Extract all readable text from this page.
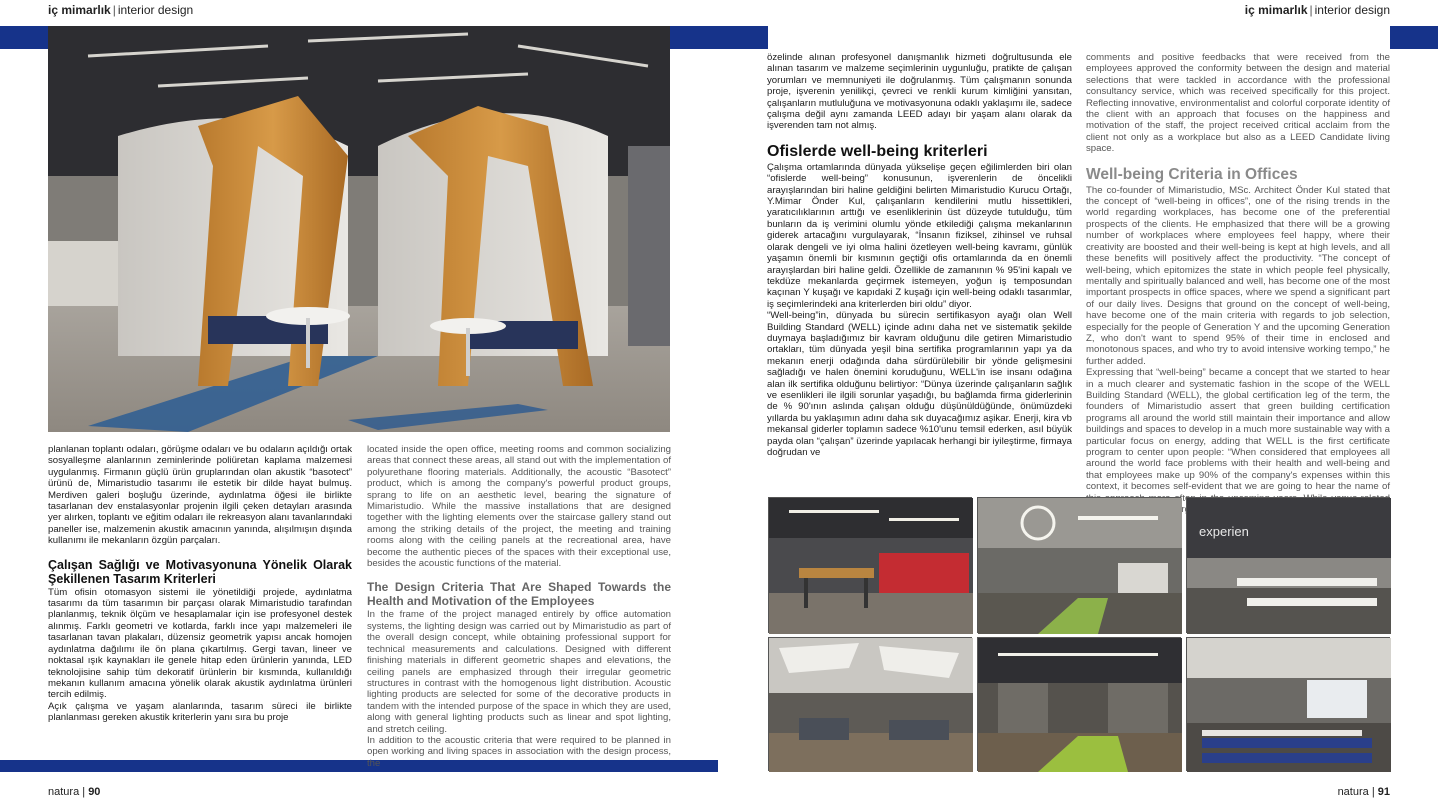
iç mimarlık | interior design	iç mimarlık | interior design

planlanan toplantı odaları, görüşme odaları ve bu odaların açıldığı ortak sosyalleşme alanlarının zeminlerinde poliüretan kaplama malzemesi uygulanmış. Firmanın güçlü ürün gruplarından olan akustik “basotect” ürünü de, Mimaristudio tasarımı ile estetik bir dilde hayat bulmuş. Merdiven galeri boşluğu üzerinde, aydınlatma öğesi ile birlikte tasarlanan dev enstalasyonlar projenin ilgili çeken detayları arasında yer alırken, toplantı ve eğitim odaları ile rekreasyon alanı tavanlarındaki paneller ise, malzemenin akustik amacının yanında, alışılmışın dışında kullanımı ile mekanların özgün parçaları.

Çalışan Sağlığı ve Motivasyonuna Yönelik Olarak Şekillenen Tasarım Kriterleri

Tüm ofisin otomasyon sistemi ile yönetildiği projede, aydınlatma tasarımı da tüm tasarımın bir parçası olarak Mimaristudio tarafından planlanmış, teknik ölçüm ve hesaplamalar için ise profesyonel destek alınmış. Farklı geometri ve kotlarda, farklı ince yapı malzemeleri ile tasarlanan tavan plakaları, düzensiz geometrik yapısı ancak homojen aydınlatma dağılımı ile ön plana çıkartılmış. Gergi tavan, lineer ve noktasal ışık kaynakları ile genele hitap eden ürünlerin yanında, LED teknolojisine sahip tüm dekoratif ürünlerin bir kısmında, kullanıldığı mekanın kullanım amacına yönelik olarak akustik aydınlatma ürünleri tercih edilmiş.

Açık çalışma ve yaşam alanlarında, tasarım süreci ile birlikte planlanması gereken akustik kriterlerin yanı sıra bu proje

located inside the open office, meeting rooms and common socializing areas that connect these areas, all stand out with the implementation of polyurethane flooring materials. Additionally, the acoustic “Basotect” product, which is among the company's powerful product groups, sprang to life on an aesthetic level, bearing the signature of Mimaristudio. While the massive installations that are designed together with the lighting elements over the staircase gallery stand out among the striking details of the project, the meeting and training rooms along with the ceiling panels at the recreational area, have become the authentic pieces of the spaces with their exceptional use, besides the acoustic functions of the material.

The Design Criteria That Are Shaped Towards the Health and Motivation of the Employees

In the frame of the project managed entirely by office automation systems, the lighting design was carried out by Mimaristudio as part of the overall design concept, while obtaining professional support for technical measurements and calculations. Designed with different finishing materials in different geometric shapes and elevations, the ceiling panels are emphasized through their irregular geometric structures in contrast with the homogenous light distribution. Acoustic lighting products are selected for some of the decorative products in tandem with the intended purpose of the space in which they are used, along with general lighting products such as linear and spot lighting, and stretch ceiling.

In addition to the acoustic criteria that were required to be planned in open working and living spaces in association with the design process, the

özelinde alınan profesyonel danışmanlık hizmeti doğrultusunda ele alınan tasarım ve malzeme seçimlerinin uygunluğu, pratikte de çalışan yorumları ve memnuniyeti ile doğrulanmış. Tüm çalışmanın sonunda proje, işverenin yenilikçi, çevreci ve renkli kurum kimliğini yansıtan, çalışanların mutluluğuna ve motivasyonuna odaklı yaklaşımı ile, sadece çalışma değil aynı zamanda LEED adayı bir yaşam alanı olarak da işverenden tam not almış.

Ofislerde well-being kriterleri

Çalışma ortamlarında dünyada yükselişe geçen eğilimlerden biri olan “ofislerde well-being” konusunun, işverenlerin de öncelikli arayışlarından biri haline geldiğini belirten Mimaristudio Kurucu Ortağı, Y.Mimar Önder Kul, çalışanların kendilerini mutlu hissettikleri, yaratıcılıklarının arttığı ve esenliklerinin üst düzeyde tutulduğu, tüm bunların da iş verimini olumlu yönde etkilediği çalışma mekanlarının giderek artacağını vurgulayarak, “İnsanın fiziksel, zihinsel ve ruhsal olarak dengeli ve iyi olma halini özetleyen well-being kavramı, günlük yaşamın önemli bir kısmının geçtiği ofis ortamlarında da en önemli arayışlardan biri haline geldi. Özellikle de zamanının % 95'ini kapalı ve tekdüze mekanlarda geçirmek istemeyen, yoğun iş temposundan kaçınan Y kuşağı ve kapıdaki Z kuşağı için well-being odaklı tasarımlar, iş seçimlerindeki ana kriterlerden biri oldu” diyor.

“Well-being”in, dünyada bu sürecin sertifikasyon ayağı olan Well Building Standard (WELL) içinde adını daha net ve sistematik şekilde duymaya başladığımız bir kavram olduğunu dile getiren Mimaristudio ortakları, tüm dünyada yeşil bina sertifika programlarının yapı ya da mekanın enerji odağında daha sürdürülebilir bir yönde gelişmesini sağladığı ve halen önemini koruduğunu, WELL'in ise insanı odağına alan ilk sertifika olduğunu belirtiyor: “Dünya üzerinde çalışanların sağlık ve esenlikleri ile ilgili sorunlar yaşadığı, bu bağlamda firma giderlerinin de % 90'ının aslında çalışan olduğu düşünüldüğünde, önümüzdeki yıllarda bu yaklaşımın adını daha sık duyacağımız aşikar. Enerji, kira vb mekansal giderler toplamın sadece %10'unu temsil ederken, asıl büyük payda olan “çalışan” üzerinde yapılacak herhangi bir iyileştirme, firmaya doğrudan ve

comments and positive feedbacks that were received from the employees approved the conformity between the design and material selections that were tackled in accordance with the professional consultancy service, which was received specifically for this project. Reflecting innovative, environmentalist and colorful corporate identity of the client with an approach that focuses on the happiness and motivation of the staff, the project received critical acclaim from the client not only as a workplace but also as a LEED Candidate living space.

Well-being Criteria in Offices

The co-founder of Mimaristudio, MSc. Architect Önder Kul stated that the concept of “well-being in offices”, one of the rising trends in the world regarding workplaces, has become one of the preferential prospects of the clients. He emphasized that there will be a growing number of workplaces where employees feel happy, where their creativity are boosted and their well-being is kept at high levels, and all these benefits will positively affect the productivity. “The concept of well-being, which epitomizes the state in which people feel physically, mentally and spiritually balanced and well, has become one of the most important prospects in office spaces, where we spend a significant part of our daily lives. Designs that ground on the concept of well-being, have become one of the main criteria with regards to job selection, especially for the people of Generation Y and the upcoming Generation Z, who don't want to spend 95% of their time in enclosed and monotonous spaces, and who try to avoid intensive working tempo,” he further added.

Expressing that “well-being” became a concept that we started to hear in a much clearer and systematic fashion in the scope of the WELL Building Standard (WELL), the global certification leg of the term, the founders of Mimaristudio assert that green building certification programs all around the world still maintain their importance and allow buildings and spaces to develop in a much more sustainable way with a particular focus on energy, adding that WELL is the first certificate program to center upon people: “When considered that employees all around the world face problems with their health and well-being and that employees make up 90% of the company's expenses within this context, it becomes self-evident that we are going to hear the name of often

experien
natura | 90	natura | 91
